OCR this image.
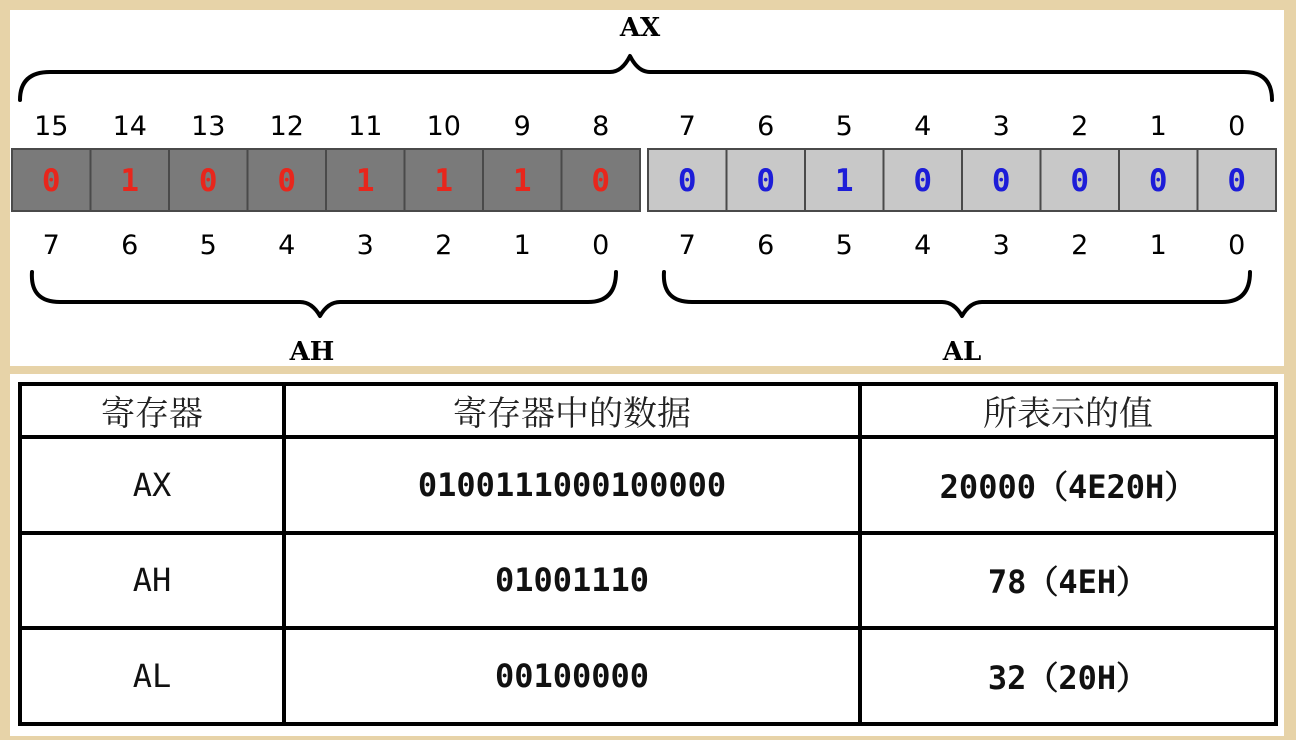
AX
15 14 13 12 11 10 9 8	7 6 5 4 3 2 1 0
0 1 0 0 1 1 1 0 0 0 1 0 0 0 0 0
7 6 5 4 3 2 1 0	7 6 5 4 3 2 1 0
AH	AL
寄存器	寄存器中的数据	所表示的值
AX	0100111000100000	20000（4E20H）
AH	01001110	78（4EH）
AL	00100000	32（20H）
